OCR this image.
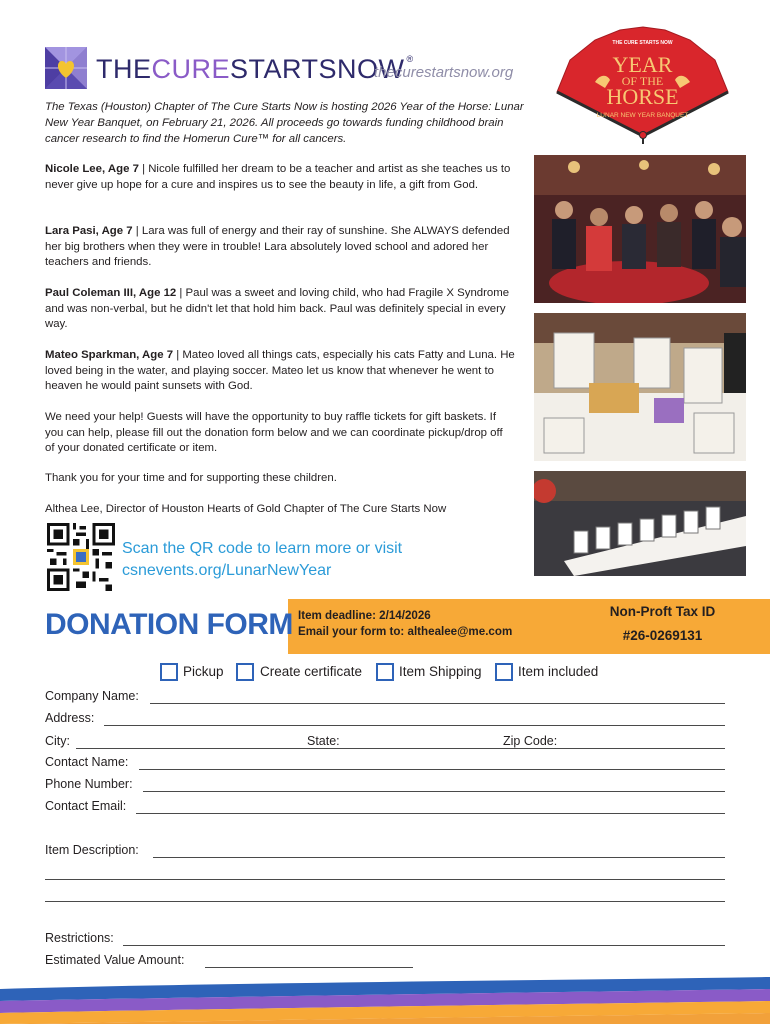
THECURESTARTSNOW ®
thecurestartsnow.org
THE CURE STARTS NOW
YEAR
OF THE
HORSE
LUNAR NEW YEAR BANQUET
The Texas (Houston) Chapter of The Cure Starts Now is hosting 2026 Year of the Horse: Lunar New Year Banquet, on February 21, 2026. All proceeds go towards funding childhood brain cancer research to find the Homerun Cure™ for all cancers.
Nicole Lee, Age 7 | Nicole fulfilled her dream to be a teacher and artist as she teaches us to never give up hope for a cure and inspires us to see the beauty in life, a gift from God.
Lara Pasi, Age 7 | Lara was full of energy and their ray of sunshine. She ALWAYS defended her big brothers when they were in trouble! Lara absolutely loved school and adored her teachers and friends.
Paul Coleman III, Age 12 | Paul was a sweet and loving child, who had Fragile X Syndrome and was non-verbal, but he didn't let that hold him back. Paul was definitely special in every way.
Mateo Sparkman, Age 7 | Mateo loved all things cats, especially his cats Fatty and Luna. He loved being in the water, and playing soccer. Mateo let us know that whenever he went to heaven he would paint sunsets with God.
We need your help! Guests will have the opportunity to buy raffle tickets for gift baskets. If you can help, please fill out the donation form below and we can coordinate pickup/drop off of your donated certificate or item.
Thank you for your time and for supporting these children.
Althea Lee, Director of Houston Hearts of Gold Chapter of The Cure Starts Now
Scan the QR code to learn more or visit
csnevents.org/LunarNewYear
DONATION FORM Item deadline: 2/14/2026
Email your form to: althealee@me.com
Non-Proft Tax ID
#26-0269131
Pickup	Create certificate	Item Shipping	Item included
Company Name:
Address:
City:	State:	Zip Code:
Contact Name:
Phone Number:
Contact Email:
Item Description:
Restrictions:
Estimated Value Amount:
